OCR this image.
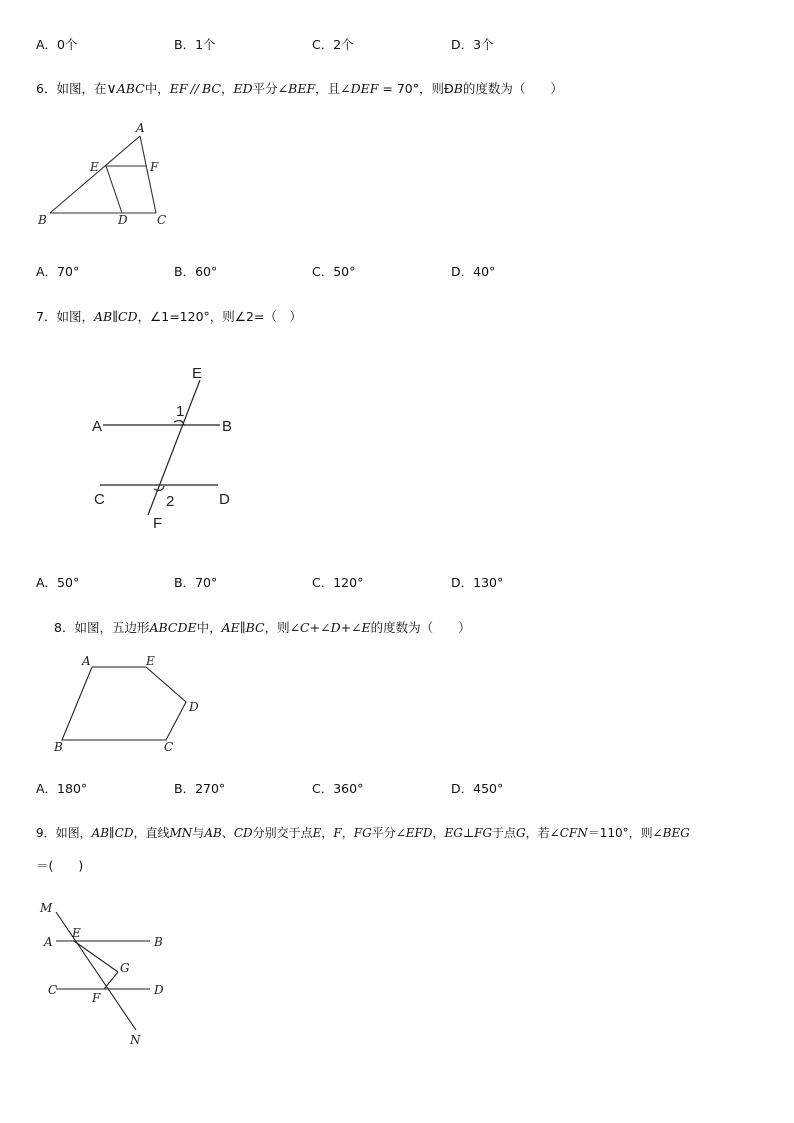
A．0个	B．1个	C．2个	D．3个
6．如图，在∨ABC中，EF // BC，ED平分∠BEF，且∠DEF = 70°，则ÐB的度数为（　　）
A
E	F
B	D C
A．70°	B．60°	C．50°	D．40°
7．如图，AB∥CD，∠1=120°，则∠2=（　）
E
1
A	B
C	2	D
F
A．50°	B．70°	C．120°	D．130°
8．如图，五边形ABCDE中，AE∥BC，则∠C+∠D+∠E的度数为（　　）
A	E
D
B	C
A．180°	B．270°	C．360°	D．450°
9．如图，AB∥CD，直线MN与AB、CD分别交于点E，F，FG平分∠EFD，EG⊥FG于点G，若∠CFN＝110°，则∠BEG
＝(　　)
M
A
E
B
G
C
F
D
N
